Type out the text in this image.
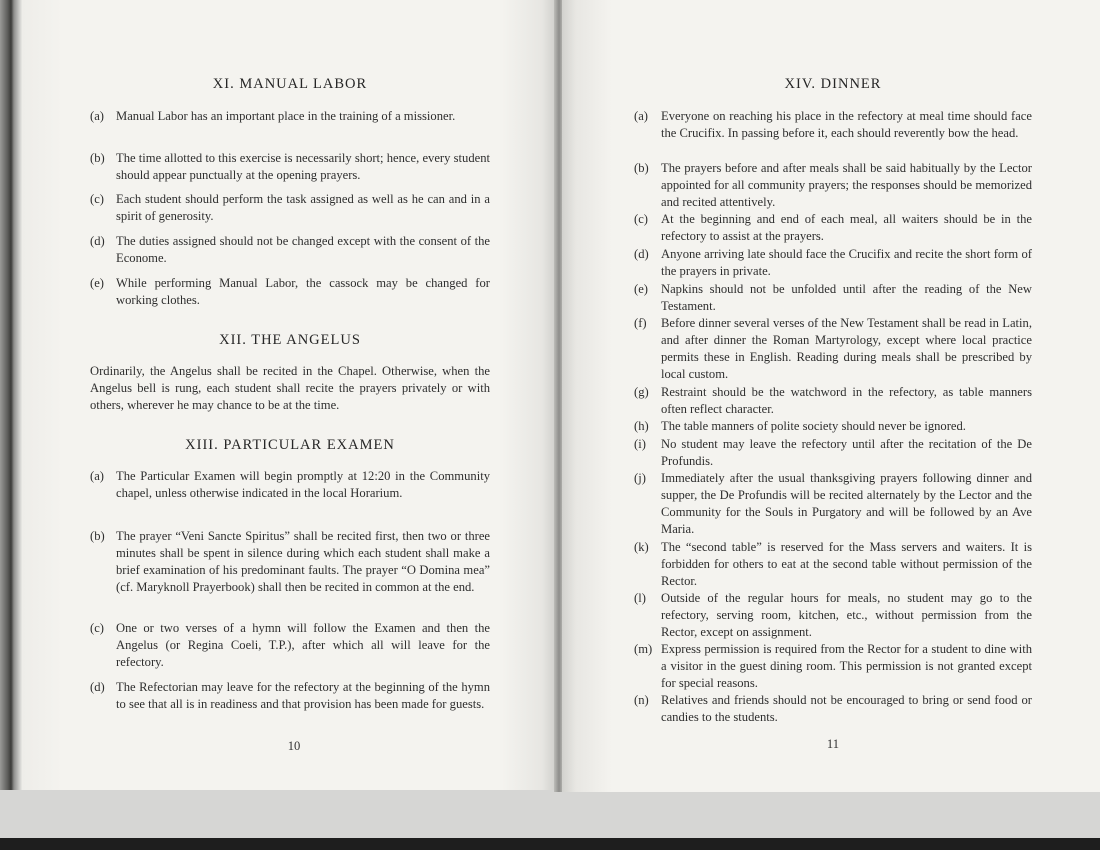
XI. MANUAL LABOR
(a) Manual Labor has an important place in the training of a missioner.
(b) The time allotted to this exercise is necessarily short; hence, every student should appear punctually at the opening prayers.
(c) Each student should perform the task assigned as well as he can and in a spirit of generosity.
(d) The duties assigned should not be changed except with the consent of the Econome.
(e) While performing Manual Labor, the cassock may be changed for working clothes.
XII. THE ANGELUS
Ordinarily, the Angelus shall be recited in the Chapel. Otherwise, when the Angelus bell is rung, each student shall recite the prayers privately or with others, wherever he may chance to be at the time.
XIII. PARTICULAR EXAMEN
(a) The Particular Examen will begin promptly at 12:20 in the Community chapel, unless otherwise indicated in the local Horarium.
(b) The prayer “Veni Sancte Spiritus” shall be recited first, then two or three minutes shall be spent in silence during which each student shall make a brief examination of his predominant faults. The prayer “O Domina mea” (cf. Maryknoll Prayerbook) shall then be recited in common at the end.
(c) One or two verses of a hymn will follow the Examen and then the Angelus (or Regina Coeli, T.P.), after which all will leave for the refectory.
(d) The Refectorian may leave for the refectory at the beginning of the hymn to see that all is in readiness and that provision has been made for guests.
10
XIV. DINNER
(a) Everyone on reaching his place in the refectory at meal time should face the Crucifix. In passing before it, each should reverently bow the head.
(b) The prayers before and after meals shall be said habitually by the Lector appointed for all community prayers; the responses should be memorized and recited attentively.
(c) At the beginning and end of each meal, all waiters should be in the refectory to assist at the prayers.
(d) Anyone arriving late should face the Crucifix and recite the short form of the prayers in private.
(e) Napkins should not be unfolded until after the reading of the New Testament.
(f) Before dinner several verses of the New Testament shall be read in Latin, and after dinner the Roman Martyrology, except where local practice permits these in English. Reading during meals shall be prescribed by local custom.
(g) Restraint should be the watchword in the refectory, as table manners often reflect character.
(h) The table manners of polite society should never be ignored.
(i) No student may leave the refectory until after the recitation of the De Profundis.
(j) Immediately after the usual thanksgiving prayers following dinner and supper, the De Profundis will be recited alternately by the Lector and the Community for the Souls in Purgatory and will be followed by an Ave Maria.
(k) The “second table” is reserved for the Mass servers and waiters. It is forbidden for others to eat at the second table without permission of the Rector.
(l) Outside of the regular hours for meals, no student may go to the refectory, serving room, kitchen, etc., without permission from the Rector, except on assignment.
(m) Express permission is required from the Rector for a student to dine with a visitor in the guest dining room. This permission is not granted except for special reasons.
(n) Relatives and friends should not be encouraged to bring or send food or candies to the students.
11
